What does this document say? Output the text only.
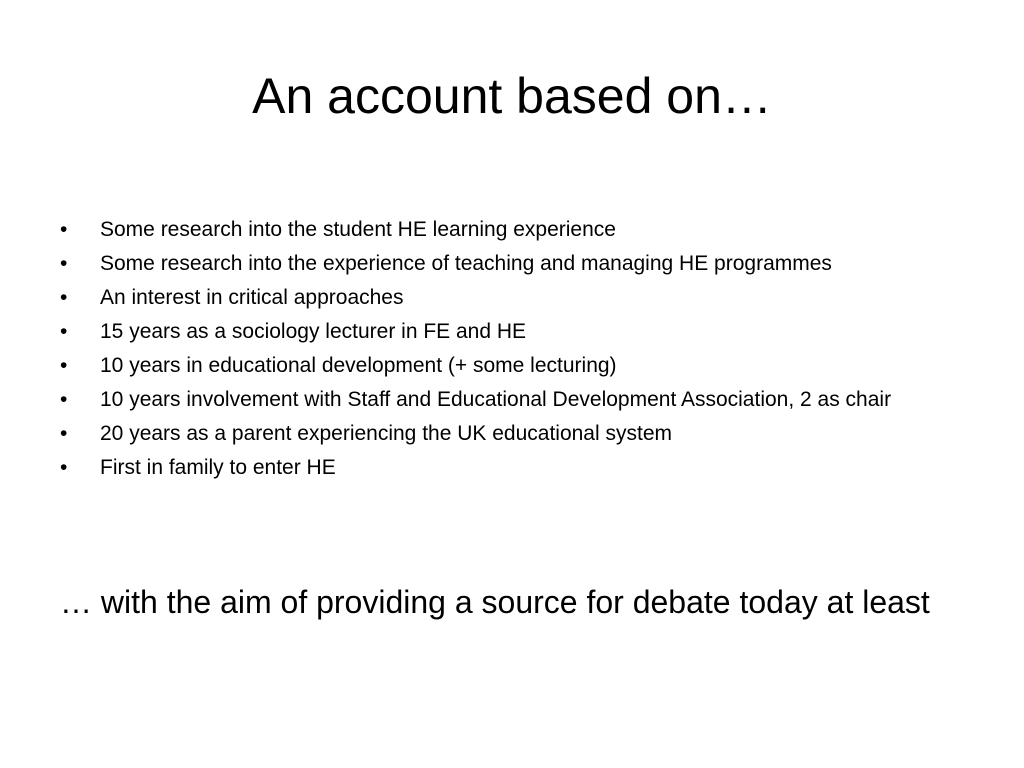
An account based on…
•	Some research into the student HE learning experience
•	Some research into the experience of teaching and managing HE programmes
•	An interest in critical approaches
•	15 years as a sociology lecturer in FE and HE
•	10 years in educational development (+ some lecturing)
•	10 years involvement with Staff and Educational Development Association, 2 as chair
•	20 years as a parent experiencing the UK educational system
•	First in family to enter HE

… with the aim of providing a source for debate today at least
